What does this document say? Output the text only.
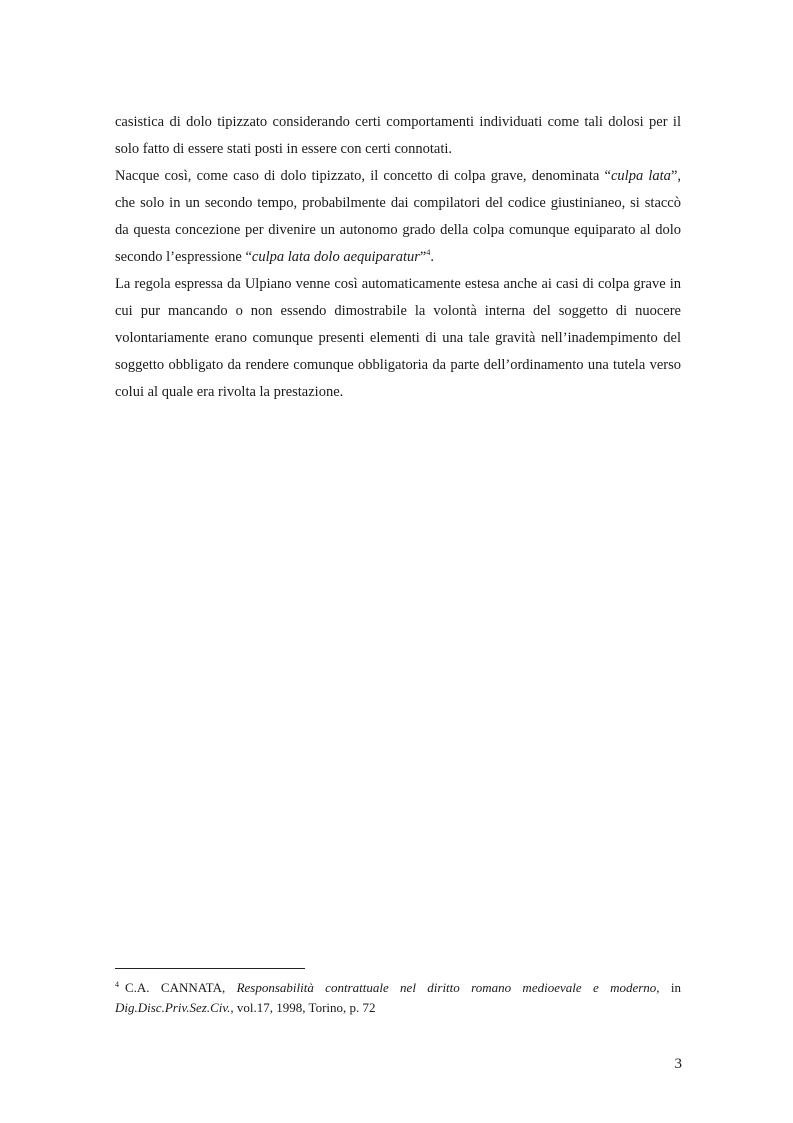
casistica di dolo tipizzato considerando certi comportamenti individuati come tali dolosi per il solo fatto di essere stati posti in essere con certi connotati.

Nacque così, come caso di dolo tipizzato, il concetto di colpa grave, denominata “culpa lata”, che solo in un secondo tempo, probabilmente dai compilatori del codice giustinianeo, si staccò da questa concezione per divenire un autonomo grado della colpa comunque equiparato al dolo secondo l’espressione “culpa lata dolo aequiparatur”$^4$.

La regola espressa da Ulpiano venne così automaticamente estesa anche ai casi di colpa grave in cui pur mancando o non essendo dimostrabile la volontà interna del soggetto di nuocere volontariamente erano comunque presenti elementi di una tale gravità nell’inadempimento del soggetto obbligato da rendere comunque obbligatoria da parte dell’ordinamento una tutela verso colui al quale era rivolta la prestazione.

$^4$ C.A. CANNATA, Responsabilità contrattuale nel diritto romano medioevale e moderno, in Dig.Disc.Priv.Sez.Civ., vol.17, 1998, Torino, p. 72
3
